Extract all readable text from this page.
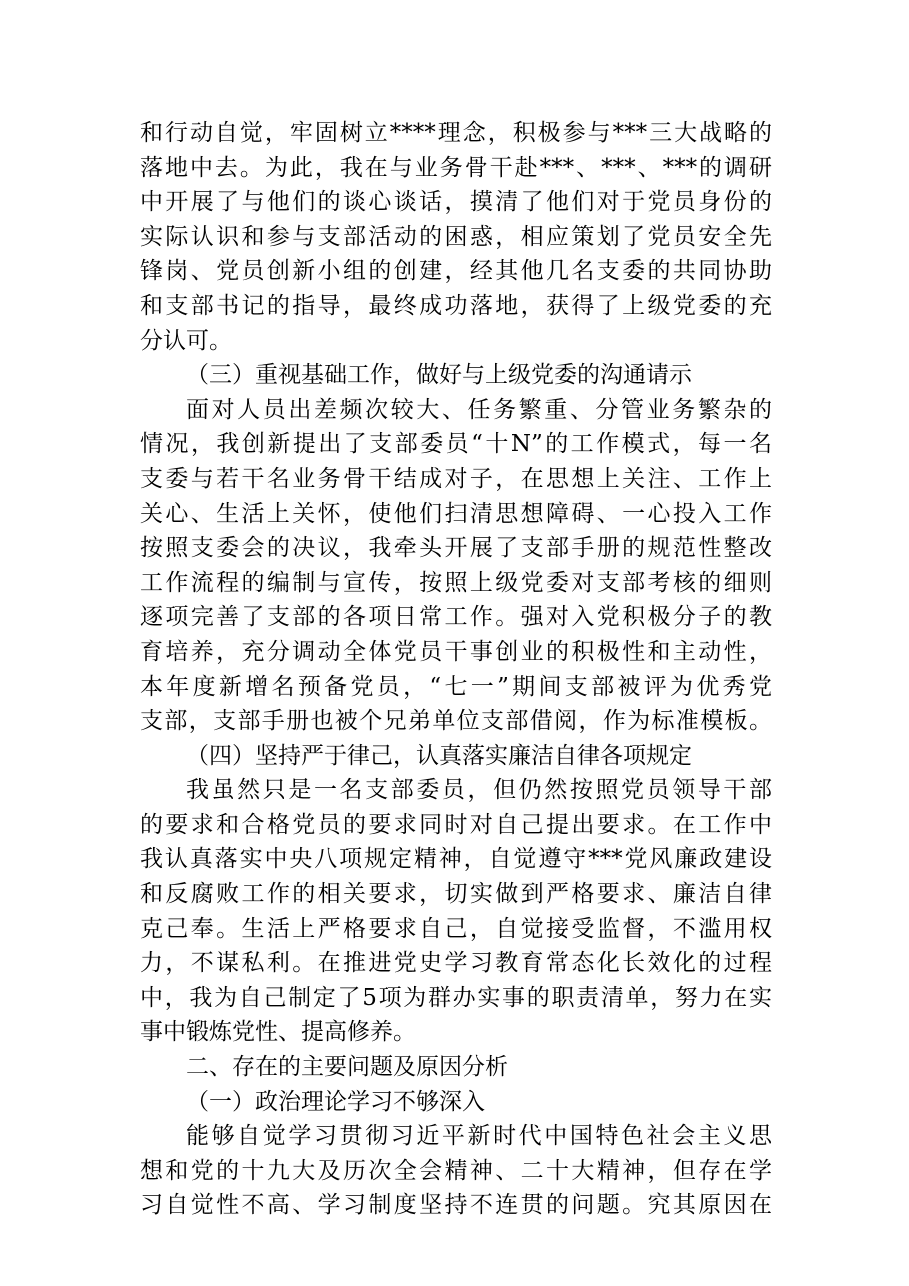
和行动自觉，牢固树立****理念，积极参与***三大战略的
落地中去。为此，我在与业务骨干赴***、***、***的调研
中开展了与他们的谈心谈话，摸清了他们对于党员身份的
实际认识和参与支部活动的困惑，相应策划了党员安全先
锋岗、党员创新小组的创建，经其他几名支委的共同协助
和支部书记的指导，最终成功落地，获得了上级党委的充
分认可。
（三）重视基础工作，做好与上级党委的沟通请示
面对人员出差频次较大、任务繁重、分管业务繁杂的
情况，我创新提出了支部委员“十N”的工作模式，每一名
支委与若干名业务骨干结成对子，在思想上关注、工作上
关心、生活上关怀，使他们扫清思想障碍、一心投入工作
按照支委会的决议，我牵头开展了支部手册的规范性整改
工作流程的编制与宣传，按照上级党委对支部考核的细则
逐项完善了支部的各项日常工作。强对入党积极分子的教
育培养，充分调动全体党员干事创业的积极性和主动性，
本年度新增名预备党员，“七一”期间支部被评为优秀党
支部，支部手册也被个兄弟单位支部借阅，作为标准模板。
（四）坚持严于律己，认真落实廉洁自律各项规定
我虽然只是一名支部委员，但仍然按照党员领导干部
的要求和合格党员的要求同时对自己提出要求。在工作中
我认真落实中央八项规定精神，自觉遵守***党风廉政建设
和反腐败工作的相关要求，切实做到严格要求、廉洁自律
克己奉。生活上严格要求自己，自觉接受监督，不滥用权
力，不谋私利。在推进党史学习教育常态化长效化的过程
中，我为自己制定了5项为群办实事的职责清单，努力在实
事中锻炼党性、提高修养。
二、存在的主要问题及原因分析
（一）政治理论学习不够深入
能够自觉学习贯彻习近平新时代中国特色社会主义思
想和党的十九大及历次全会精神、二十大精神，但存在学
习自觉性不高、学习制度坚持不连贯的问题。究其原因在
